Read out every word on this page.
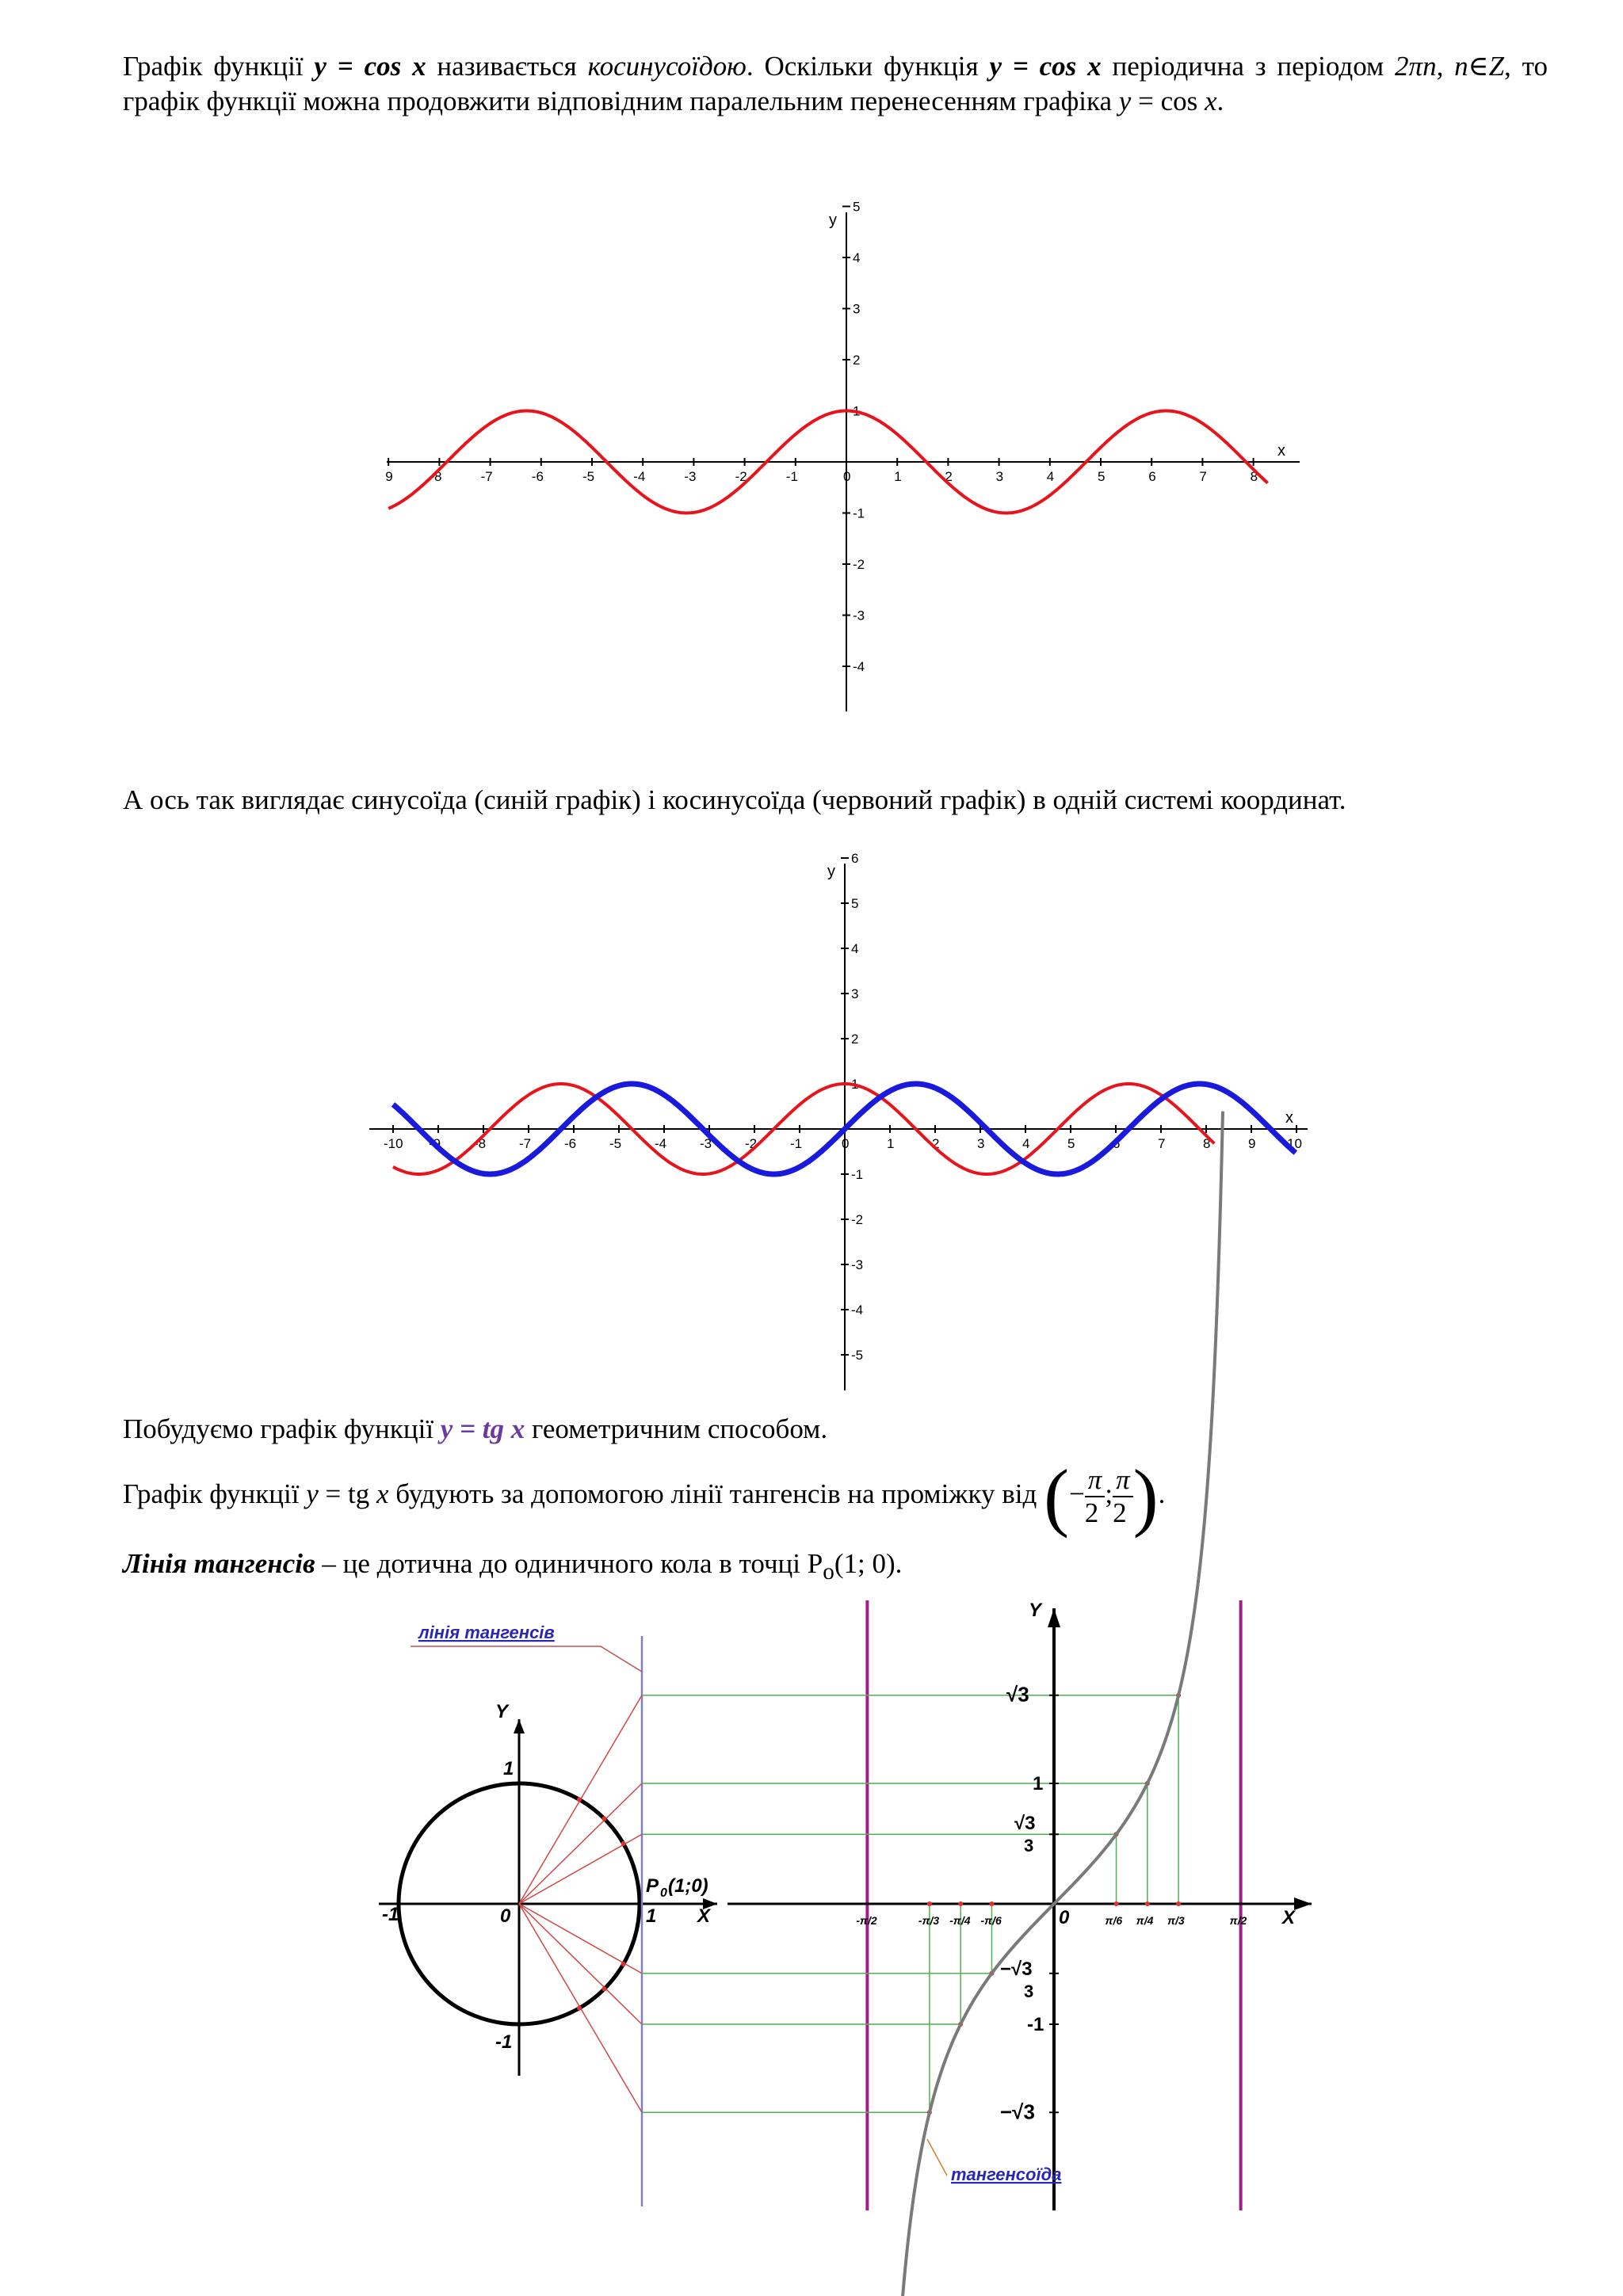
Графік функції y = cos x називається косинусоїдою. Оскільки функція y = cos x періодична з періодом 2πn, n∈Z, то графік функції можна продовжити відповідним паралельним перенесенням графіка y = cos x.
А ось так виглядає синусоїда (синій графік) і косинусоїда (червоний графік) в одній системі координат.
Побудуємо графік функції y = tg x геометричним способом.
Графік функції y = tg x будують за допомогою лінії тангенсів на проміжку від (− $\frac{\pi}{2}$ ; $\frac{\pi}{2}$ ).
Лінія тангенсів – це дотична до одиничного кола в точці $P_o(1$; 0).
x
y
9	-8	-7	-6	-5	-4	-3	-2	-1	0	1	2	3	4	5	6	7	8
5
4
3
2
1
-1
-2
-3
-4
x
y
-10 -9 -8 -7 -6 -5 -4 -3 -2 -1	0	1	2	3	4	5	6	7	8	9 10
6
5
4
3
2
1
-1
-2
-3
-4
-5
лінія тангенсів
тангенсоїда
Y
X
1
-1
-1	0	1
P 0 (1;0)
Y
X
0
√3
1
√3
3
−√3
3
-1
−√3
-π/2	-π/3 -π/4 -π/6	π/6 π/4 π/3	π/2
